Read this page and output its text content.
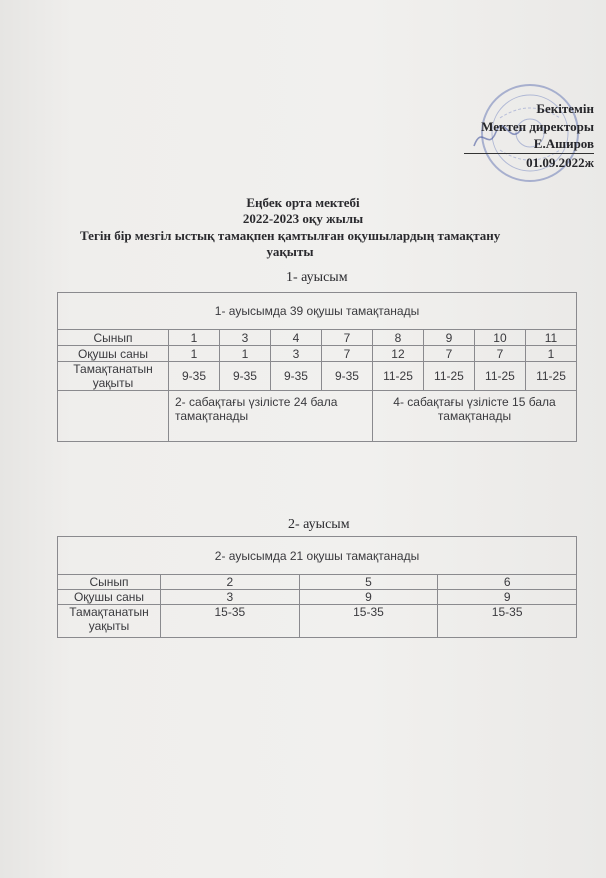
Бекітемін
Мектеп директоры
Е.Аширов
01.09.2022ж
Еңбек орта мектебі
2022-2023 оқу жылы
Тегін бір мезгіл ыстық тамақпен қамтылған оқушылардың тамақтану
уақыты
1- ауысым
1- ауысымда 39 оқушы тамақтанады								
Сынып	1	3	4	7	8	9	10	11
Оқушы саны	1	1	3	7	12	7	7	1
Тамақтанатын уақыты	9-35	9-35	9-35	9-35	11-25	11-25	11-25	11-25
	2- сабақтағы үзілісте 24 бала тамақтанады				4- сабақтағы үзілісте 15 бала тамақтанады			
2- ауысым
2- ауысымда 21 оқушы тамақтанады			
Сынып	2	5	6
Оқушы саны	3	9	9
Тамақтанатын уақыты	15-35	15-35	15-35
